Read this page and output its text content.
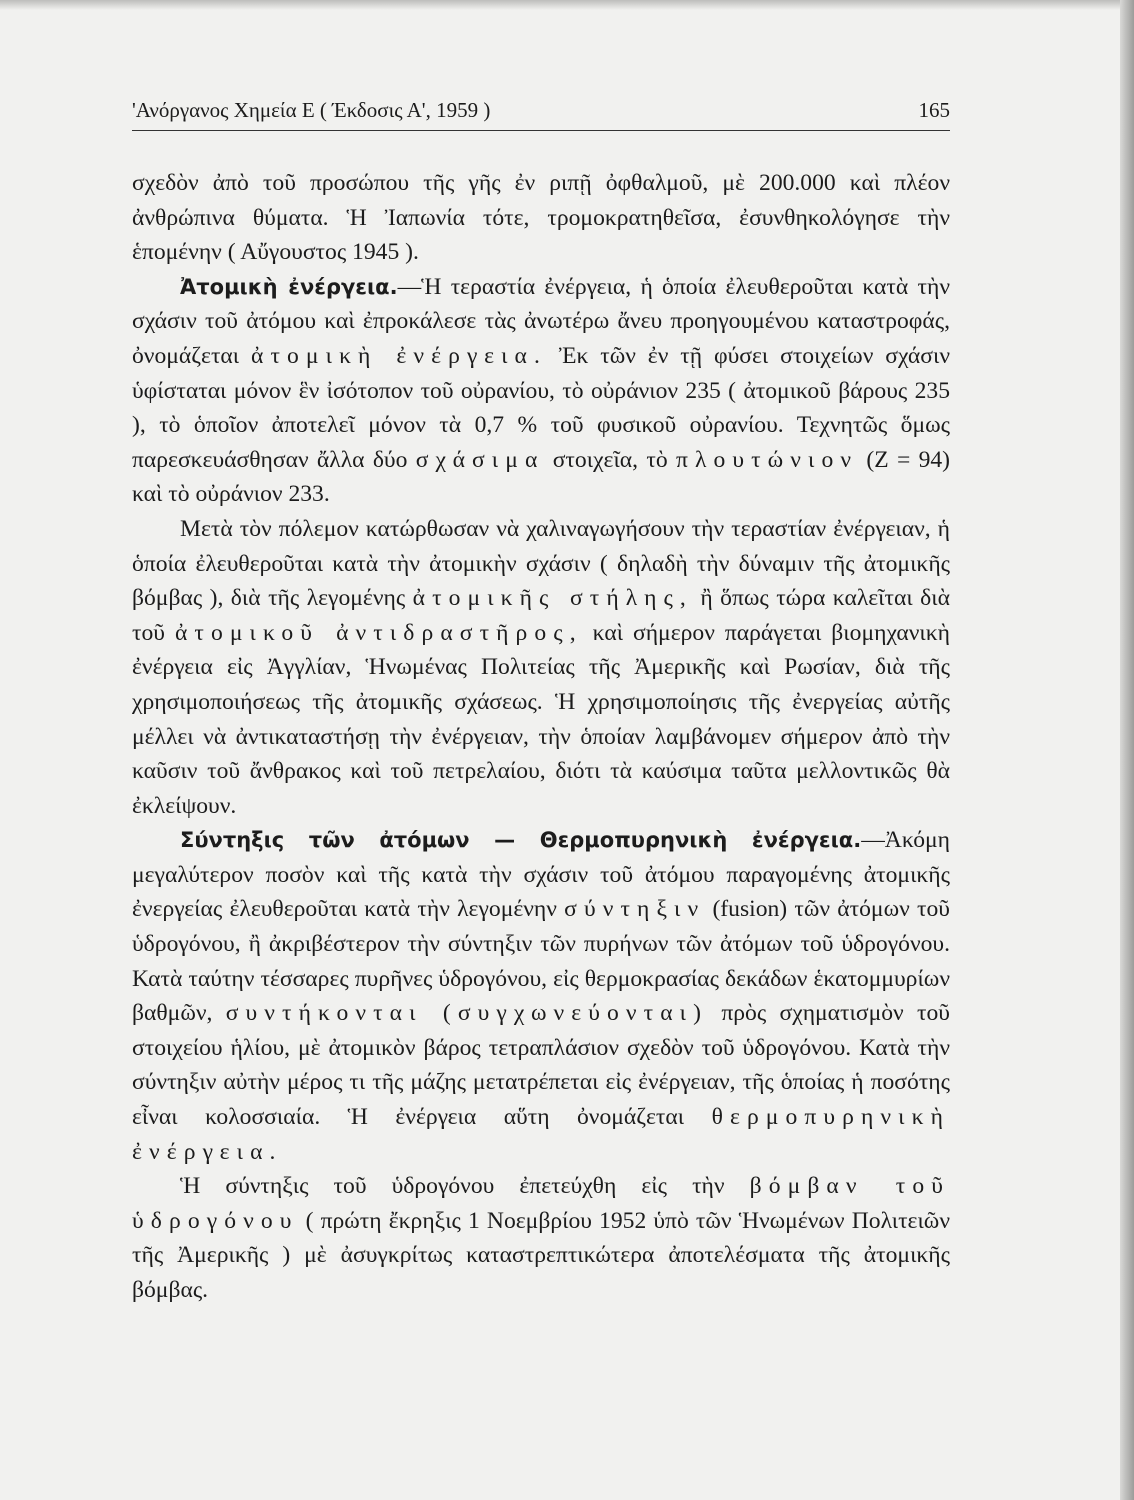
'Ανόργανος Χημεία Ε ( Έκδοσις Α', 1959 )	165

σχεδὸν ἀπὸ τοῦ προσώπου τῆς γῆς ἐν ριπῇ ὀφθαλμοῦ, μὲ 200.000 καὶ πλέον ἀνθρώπινα θύματα. Ἡ Ἰαπωνία τότε, τρομοκρατηθεῖσα, ἐσυνθηκολόγησε τὴν ἑπομένην ( Αὔγουστος 1945 ).

Ἀτομικὴ ἐνέργεια.—Ἡ τεραστία ἐνέργεια, ἡ ὁποία ἐλευθεροῦται κατὰ τὴν σχάσιν τοῦ ἀτόμου καὶ ἐπροκάλεσε τὰς ἀνωτέρω ἄνευ προηγουμένου καταστροφάς, ὀνομάζεται ἀτομικὴ ἐνέργεια. Ἐκ τῶν ἐν τῇ φύσει στοιχείων σχάσιν ὑφίσταται μόνον ἓν ἰσότοπον τοῦ οὐρανίου, τὸ οὐράνιον 235 ( ἀτομικοῦ βάρους 235 ), τὸ ὁποῖον ἀποτελεῖ μόνον τὰ 0,7 % τοῦ φυσικοῦ οὐρανίου. Τεχνητῶς ὅμως παρεσκευάσθησαν ἄλλα δύο σχάσιμα στοιχεῖα, τὸ πλουτώνιον (Z = 94) καὶ τὸ οὐράνιον 233.

Μετὰ τὸν πόλεμον κατώρθωσαν νὰ χαλιναγωγήσουν τὴν τεραστίαν ἐνέργειαν, ἡ ὁποία ἐλευθεροῦται κατὰ τὴν ἀτομικὴν σχάσιν ( δηλαδὴ τὴν δύναμιν τῆς ἀτομικῆς βόμβας ), διὰ τῆς λεγομένης ἀτομικῆς στήλης, ἢ ὅπως τώρα καλεῖται διὰ τοῦ ἀτομικοῦ ἀντιδραστῆρος, καὶ σήμερον παράγεται βιομηχανικὴ ἐνέργεια εἰς Ἀγγλίαν, Ἡνωμένας Πολιτείας τῆς Ἀμερικῆς καὶ Ρωσίαν, διὰ τῆς χρησιμοποιήσεως τῆς ἀτομικῆς σχάσεως. Ἡ χρησιμοποίησις τῆς ἐνεργείας αὐτῆς μέλλει νὰ ἀντικαταστήσῃ τὴν ἐνέργειαν, τὴν ὁποίαν λαμβάνομεν σήμερον ἀπὸ τὴν καῦσιν τοῦ ἄνθρακος καὶ τοῦ πετρελαίου, διότι τὰ καύσιμα ταῦτα μελλοντικῶς θὰ ἐκλείψουν.

Σύντηξις τῶν ἀτόμων — Θερμοπυρηνικὴ ἐνέργεια.—Ἀκόμη μεγαλύτερον ποσὸν καὶ τῆς κατὰ τὴν σχάσιν τοῦ ἀτόμου παραγομένης ἀτομικῆς ἐνεργείας ἐλευθεροῦται κατὰ τὴν λεγομένην σύντηξιν (fusion) τῶν ἀτόμων τοῦ ὑδρογόνου, ἢ ἀκριβέστερον τὴν σύντηξιν τῶν πυρήνων τῶν ἀτόμων τοῦ ὑδρογόνου. Κατὰ ταύτην τέσσαρες πυρῆνες ὑδρογόνου, εἰς θερμοκρασίας δεκάδων ἑκατομμυρίων βαθμῶν, συντήκονται (συγχωνεύονται) πρὸς σχηματισμὸν τοῦ στοιχείου ἡλίου, μὲ ἀτομικὸν βάρος τετραπλάσιον σχεδὸν τοῦ ὑδρογόνου. Κατὰ τὴν σύντηξιν αὐτὴν μέρος τι τῆς μάζης μετατρέπεται εἰς ἐνέργειαν, τῆς ὁποίας ἡ ποσότης εἶναι κολοσσιαία. Ἡ ἐνέργεια αὕτη ὀνομάζεται θερμοπυρηνικὴ ἐνέργεια.

Ἡ σύντηξις τοῦ ὑδρογόνου ἐπετεύχθη εἰς τὴν βόμβαν τοῦ ὑδρογόνου ( πρώτη ἔκρηξις 1 Νοεμβρίου 1952 ὑπὸ τῶν Ἡνωμένων Πολιτειῶν τῆς Ἀμερικῆς ) μὲ ἀσυγκρίτως καταστρεπτικώτερα ἀποτελέσματα τῆς ἀτομικῆς βόμβας.
